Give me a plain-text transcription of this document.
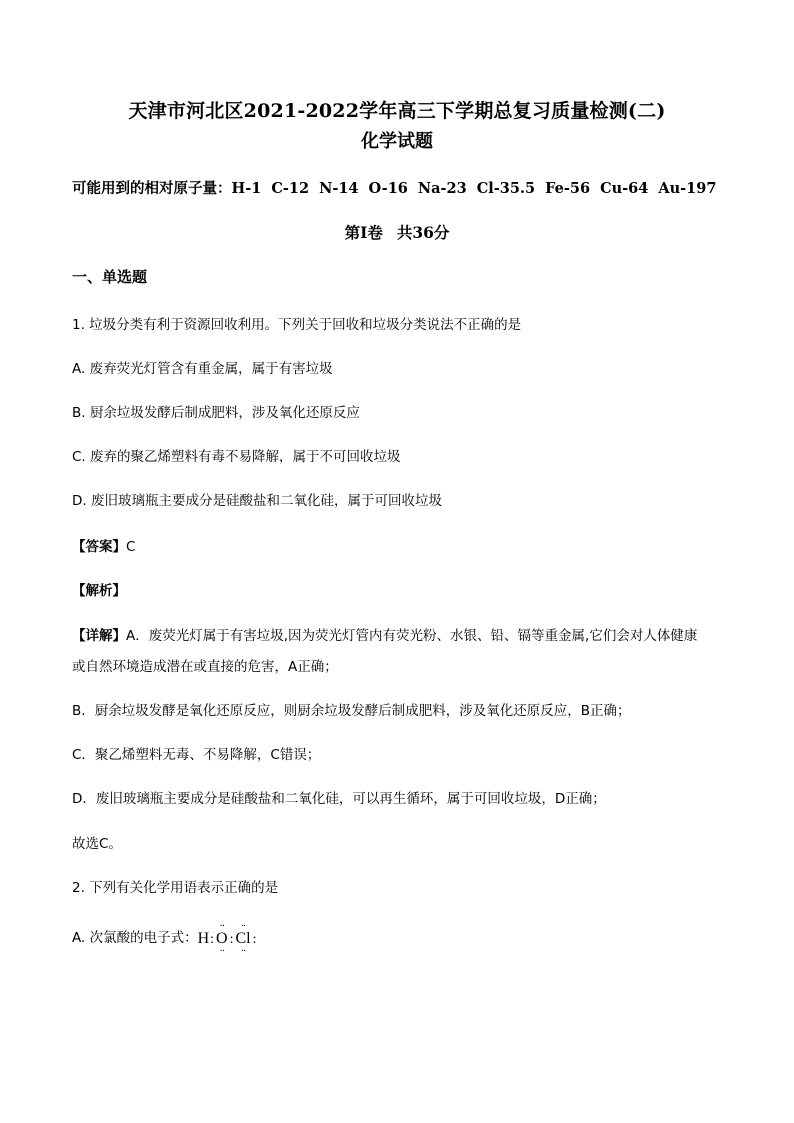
天津市河北区2021-2022学年高三下学期总复习质量检测(二)
化学试题
可能用到的相对原子量：H-1 C-12 N-14 O-16 Na-23 Cl-35.5 Fe-56 Cu-64 Au-197
第I卷 共36分
一、单选题
1. 垃圾分类有利于资源回收利用。下列关于回收和垃圾分类说法不正确的是
A. 废弃荧光灯管含有重金属，属于有害垃圾
B. 厨余垃圾发酵后制成肥料，涉及氧化还原反应
C. 废弃的聚乙烯塑料有毒不易降解，属于不可回收垃圾
D. 废旧玻璃瓶主要成分是硅酸盐和二氧化硅，属于可回收垃圾
【答案】C
【解析】
【详解】A．废荧光灯属于有害垃圾,因为荧光灯管内有荧光粉、水银、铅、镉等重金属,它们会对人体健康
或自然环境造成潜在或直接的危害，A正确；
B．厨余垃圾发酵是氧化还原反应，则厨余垃圾发酵后制成肥料，涉及氧化还原反应，B正确；
C．聚乙烯塑料无毒、不易降解，C错误；
D．废旧玻璃瓶主要成分是硅酸盐和二氧化硅，可以再生循环，属于可回收垃圾，D正确；
故选C。
2. 下列有关化学用语表示正确的是
A. 次氯酸的电子式：H: ·· O ·· : ·· Cl ·· :
